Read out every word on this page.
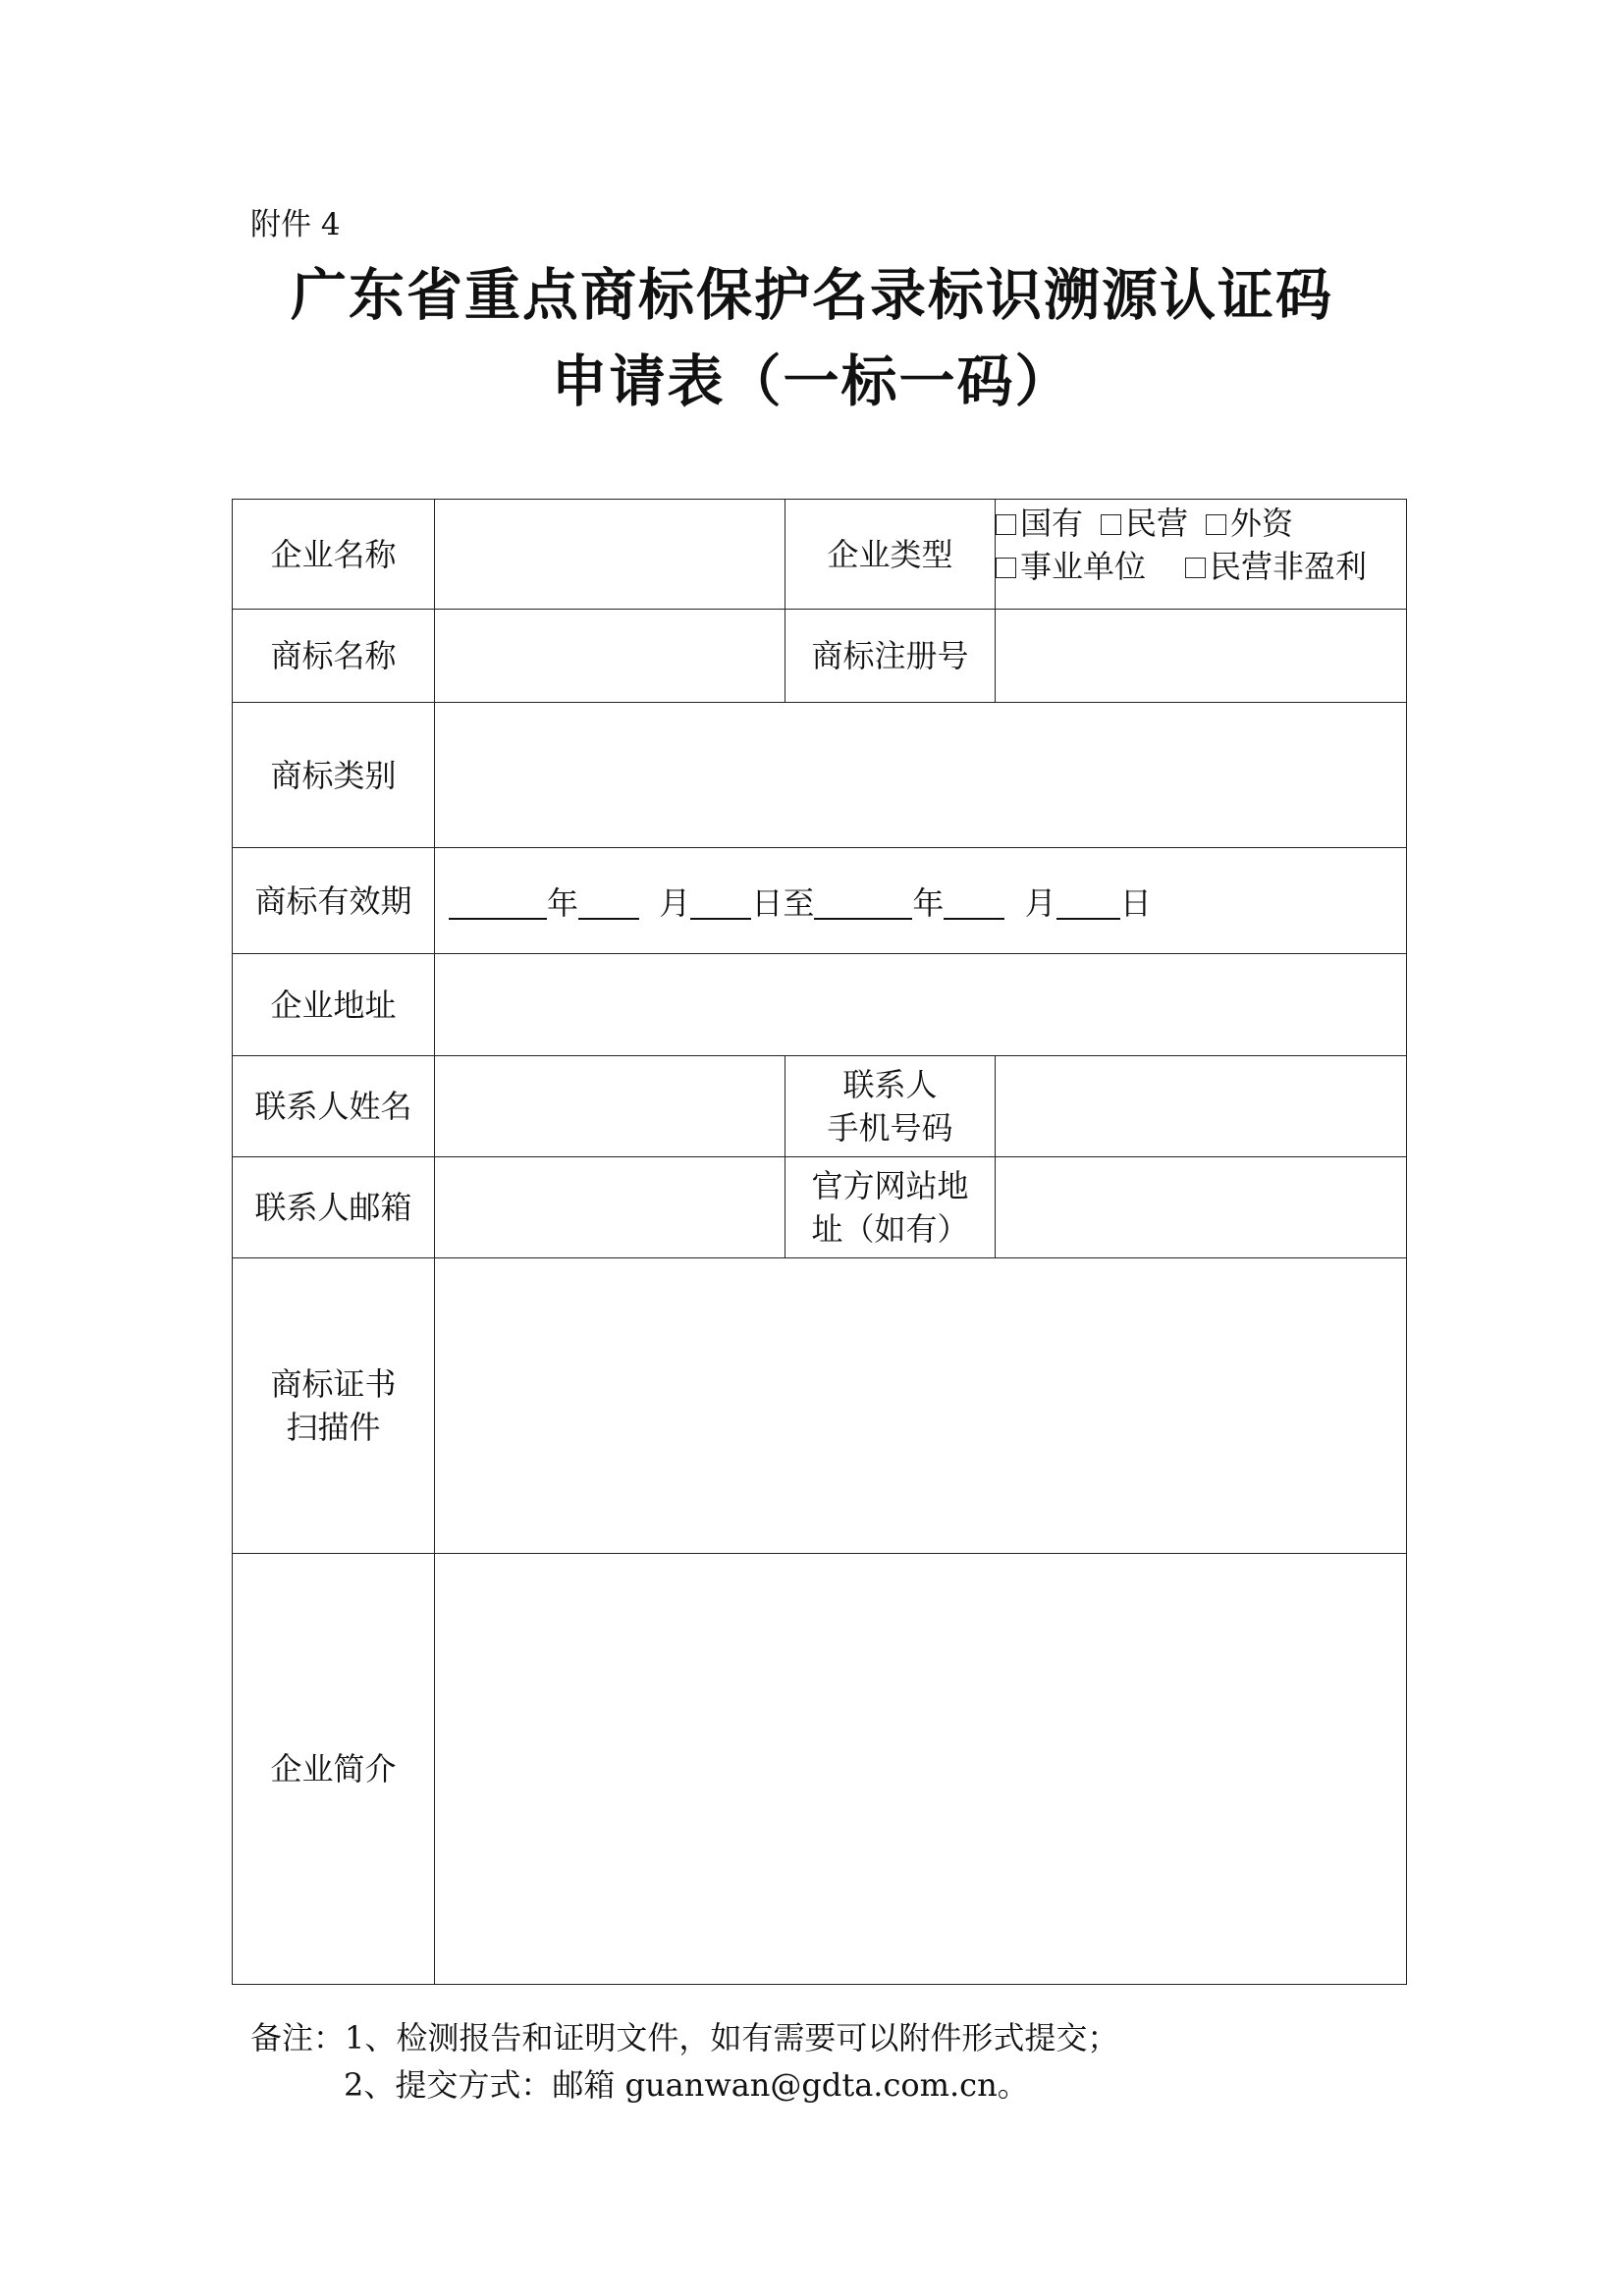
附件 4
广东省重点商标保护名录标识溯源认证码
申请表（一标一码）
企业名称		企业类型	国有 民营 外资
事业单位 民营非盈利

商标名称		商标注册号	
商标类别			
商标有效期	年 月 日至 年 月 日		

企业地址			
联系人姓名		联系人
手机号码	

联系人邮箱		官方网站地
址（如有）	

商标证书
扫描件			

企业简介			
备注：1、检测报告和证明文件，如有需要可以附件形式提交；
2、提交方式：邮箱 guanwan@gdta.com.cn。
